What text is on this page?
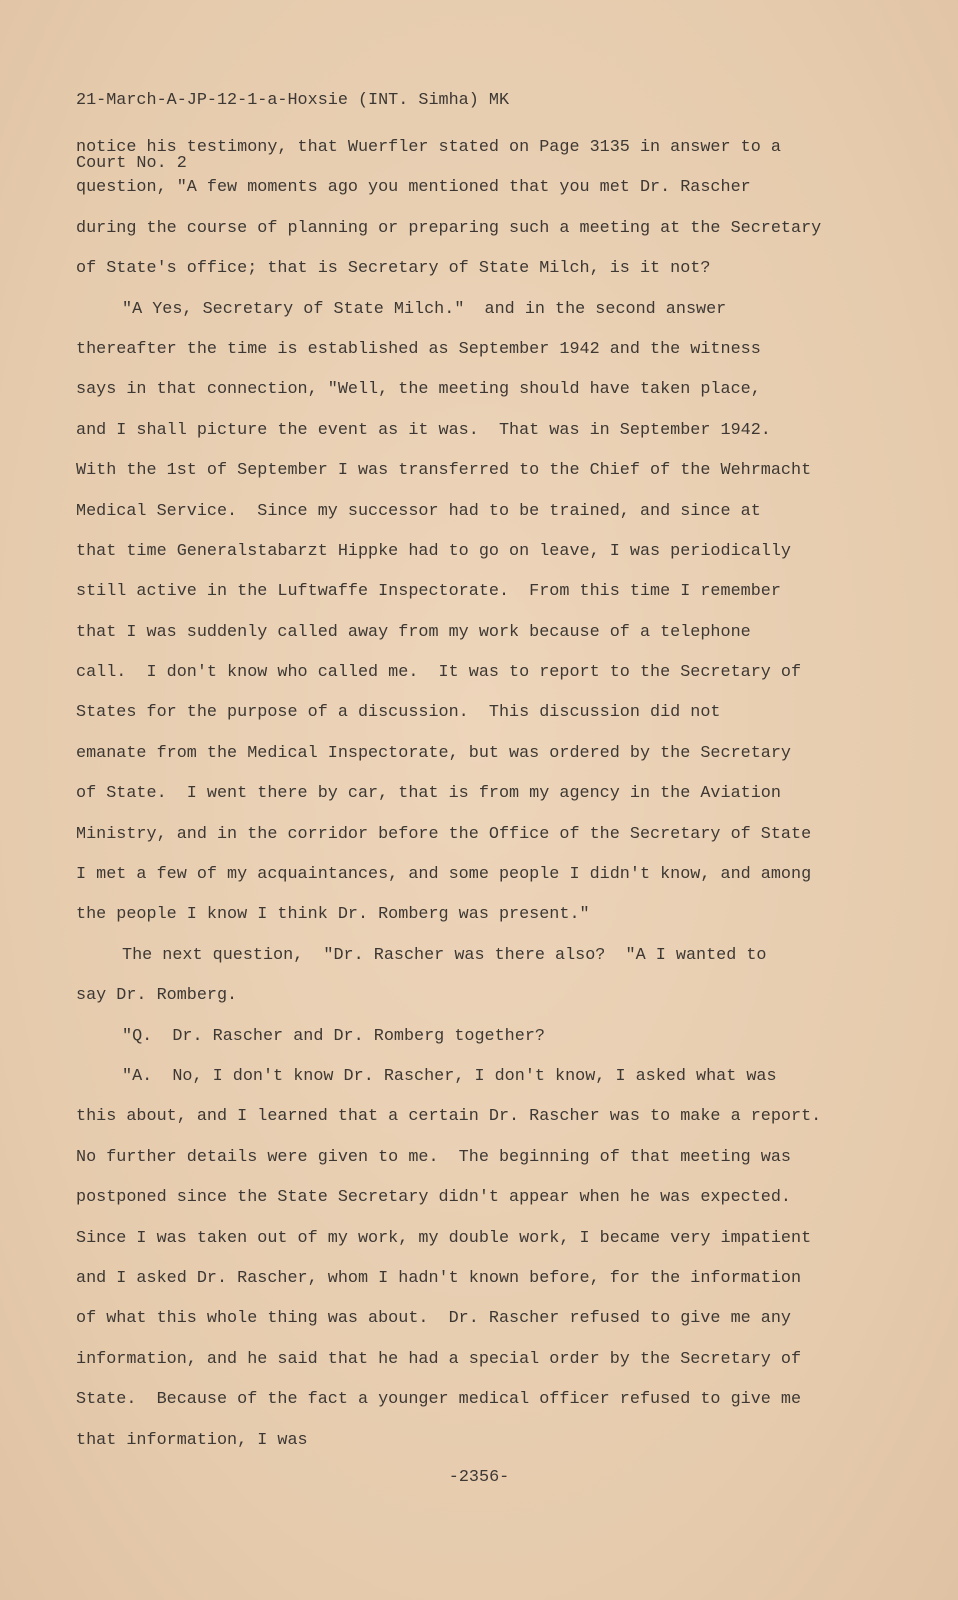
21-March-A-JP-12-1-a-Hoxsie (INT. Simha) MK

Court No. 2

notice his testimony, that Wuerfler stated on Page 3135 in answer to a
question, "A few moments ago you mentioned that you met Dr. Rascher
during the course of planning or preparing such a meeting at the Secretary
of State's office; that is Secretary of State Milch, is it not?
"A Yes, Secretary of State Milch."  and in the second answer
thereafter the time is established as September 1942 and the witness
says in that connection, "Well, the meeting should have taken place,
and I shall picture the event as it was.  That was in September 1942.
With the 1st of September I was transferred to the Chief of the Wehrmacht
Medical Service.  Since my successor had to be trained, and since at
that time Generalstabarzt Hippke had to go on leave, I was periodically
still active in the Luftwaffe Inspectorate.  From this time I remember
that I was suddenly called away from my work because of a telephone
call.  I don't know who called me.  It was to report to the Secretary of
States for the purpose of a discussion.  This discussion did not
emanate from the Medical Inspectorate, but was ordered by the Secretary
of State.  I went there by car, that is from my agency in the Aviation
Ministry, and in the corridor before the Office of the Secretary of State
I met a few of my acquaintances, and some people I didn't know, and among
the people I know I think Dr. Romberg was present."
The next question,  "Dr. Rascher was there also?  "A I wanted to
say Dr. Romberg.
"Q.  Dr. Rascher and Dr. Romberg together?
"A.  No, I don't know Dr. Rascher, I don't know, I asked what was
this about, and I learned that a certain Dr. Rascher was to make a report.
No further details were given to me.  The beginning of that meeting was
postponed since the State Secretary didn't appear when he was expected.
Since I was taken out of my work, my double work, I became very impatient
and I asked Dr. Rascher, whom I hadn't known before, for the information
of what this whole thing was about.  Dr. Rascher refused to give me any
information, and he said that he had a special order by the Secretary of
State.  Because of the fact a younger medical officer refused to give me
that information, I was
-2356-
